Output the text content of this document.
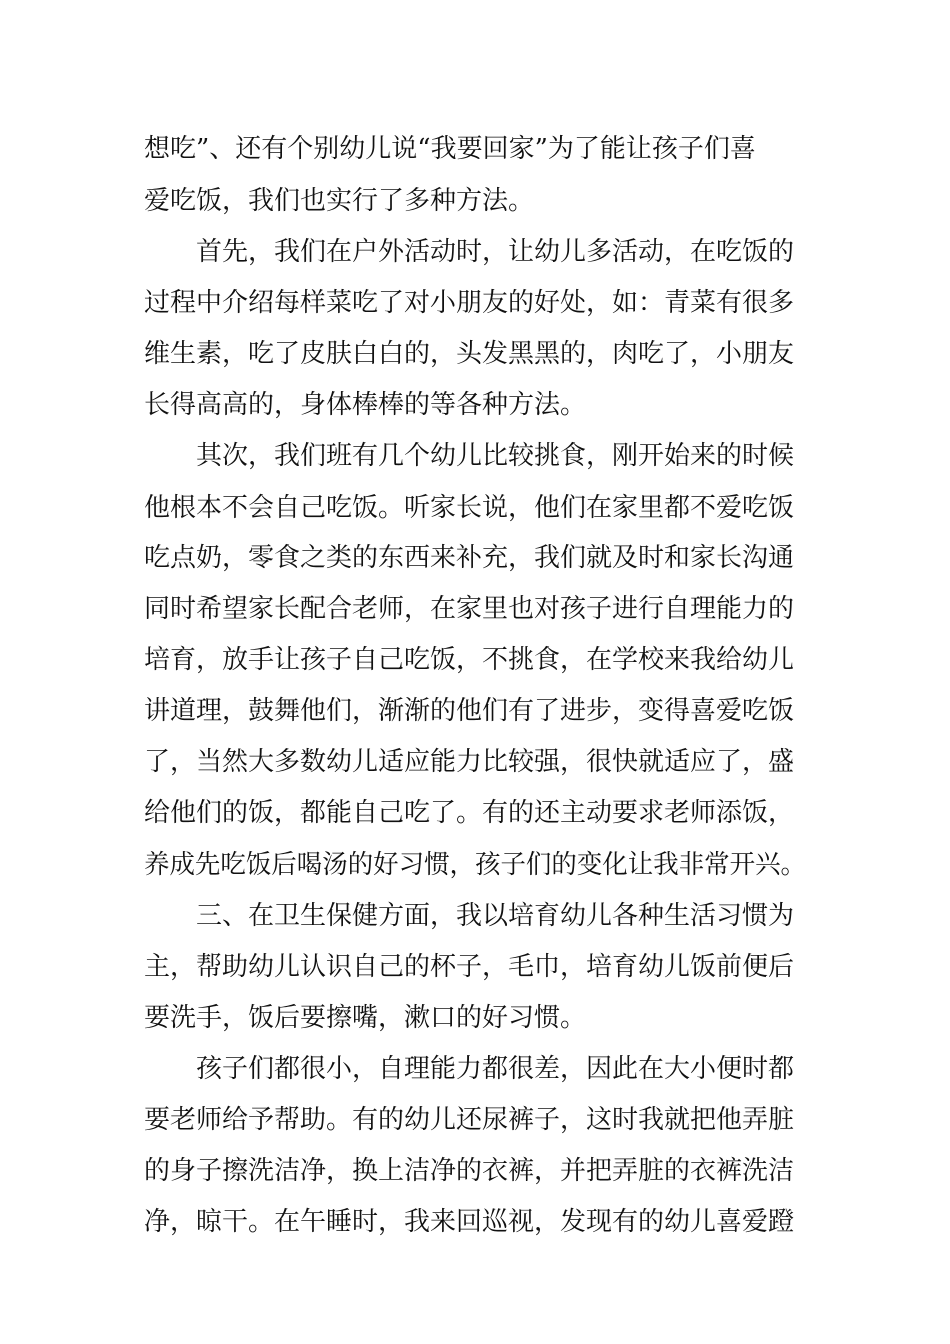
想吃”、还有个别幼儿说“我要回家”为了能让孩子们喜
爱吃饭，我们也实行了多种方法。
首先，我们在户外活动时，让幼儿多活动，在吃饭的
过程中介绍每样菜吃了对小朋友的好处，如：青菜有很多
维生素，吃了皮肤白白的，头发黑黑的，肉吃了，小朋友
长得高高的，身体棒棒的等各种方法。
其次，我们班有几个幼儿比较挑食，刚开始来的时候
他根本不会自己吃饭。听家长说，他们在家里都不爱吃饭
吃点奶，零食之类的东西来补充，我们就及时和家长沟通
同时希望家长配合老师，在家里也对孩子进行自理能力的
培育，放手让孩子自己吃饭，不挑食，在学校来我给幼儿
讲道理，鼓舞他们，渐渐的他们有了进步，变得喜爱吃饭
了，当然大多数幼儿适应能力比较强，很快就适应了，盛
给他们的饭，都能自己吃了。有的还主动要求老师添饭，
养成先吃饭后喝汤的好习惯，孩子们的变化让我非常开兴。
三、在卫生保健方面，我以培育幼儿各种生活习惯为
主，帮助幼儿认识自己的杯子，毛巾，培育幼儿饭前便后
要洗手，饭后要擦嘴，漱口的好习惯。
孩子们都很小，自理能力都很差，因此在大小便时都
要老师给予帮助。有的幼儿还尿裤子，这时我就把他弄脏
的身子擦洗洁净，换上洁净的衣裤，并把弄脏的衣裤洗洁
净，晾干。在午睡时，我来回巡视，发现有的幼儿喜爱蹬
